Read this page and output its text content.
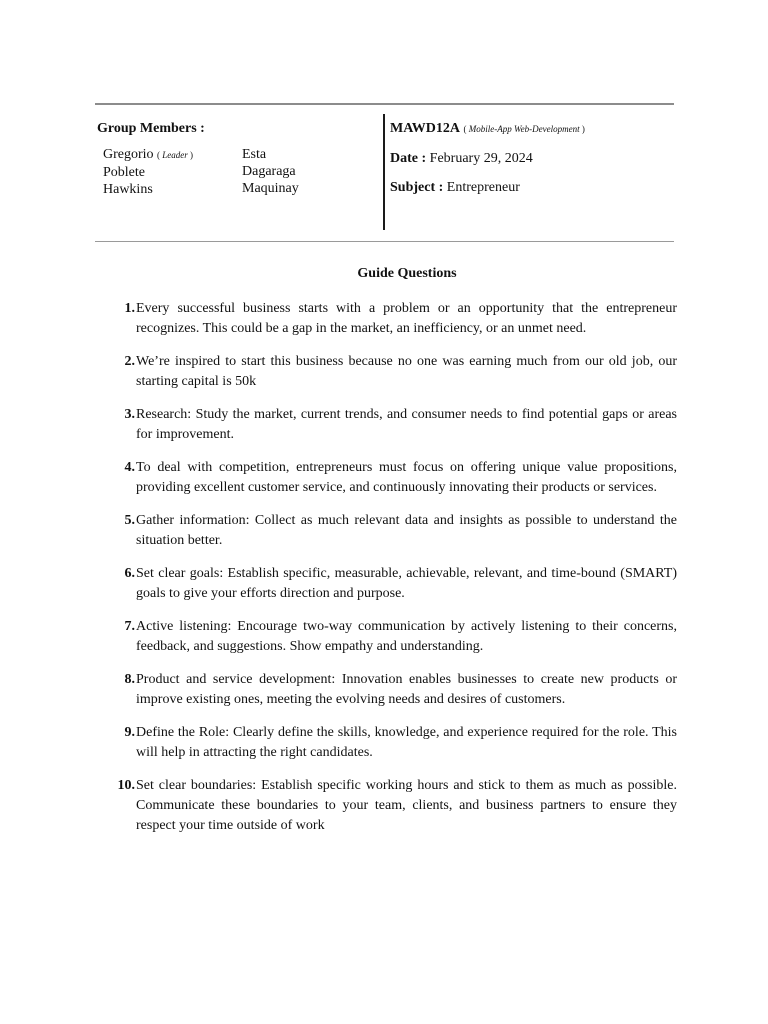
Group Members :
Gregorio ( Leader )
Poblete
Hawkins
Esta
Dagaraga
Maquinay
MAWD12A ( Mobile-App Web-Development )
Date : February 29, 2024
Subject : Entrepreneur
Guide Questions
1. Every successful business starts with a problem or an opportunity that the entrepreneur recognizes. This could be a gap in the market, an inefficiency, or an unmet need.
2. We’re inspired to start this business because no one was earning much from our old job, our starting capital is 50k
3. Research: Study the market, current trends, and consumer needs to find potential gaps or areas for improvement.
4. To deal with competition, entrepreneurs must focus on offering unique value propositions, providing excellent customer service, and continuously innovating their products or services.
5. Gather information: Collect as much relevant data and insights as possible to understand the situation better.
6. Set clear goals: Establish specific, measurable, achievable, relevant, and time-bound (SMART) goals to give your efforts direction and purpose.
7. Active listening: Encourage two-way communication by actively listening to their concerns, feedback, and suggestions. Show empathy and understanding.
8. Product and service development: Innovation enables businesses to create new products or improve existing ones, meeting the evolving needs and desires of customers.
9. Define the Role: Clearly define the skills, knowledge, and experience required for the role. This will help in attracting the right candidates.
10. Set clear boundaries: Establish specific working hours and stick to them as much as possible. Communicate these boundaries to your team, clients, and business partners to ensure they respect your time outside of work
